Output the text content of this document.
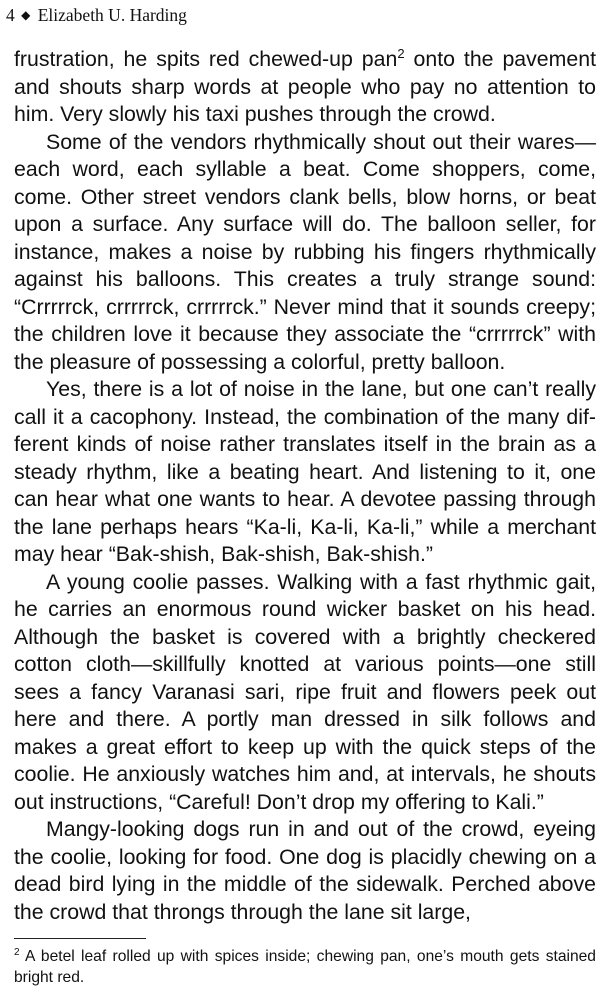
4 ◆ Elizabeth U. Harding

frustration, he spits red chewed-up pan$^2$ onto the pavement and shouts sharp words at people who pay no attention to him. Very slowly his taxi pushes through the crowd.

Some of the vendors rhythmically shout out their wares—each word, each syllable a beat. Come shoppers, come, come. Other street vendors clank bells, blow horns, or beat upon a surface. Any surface will do. The balloon seller, for instance, makes a noise by rubbing his fingers rhythmically against his balloons. This creates a truly strange sound: “Crrrrrck, crrrrrck, crrrrrck.” Never mind that it sounds creepy; the children love it because they associate the “crrrrrck” with the pleasure of possessing a colorful, pretty balloon.

Yes, there is a lot of noise in the lane, but one can’t really call it a cacophony. Instead, the combination of the many different kinds of noise rather translates itself in the brain as a steady rhythm, like a beating heart. And listening to it, one can hear what one wants to hear. A devotee passing through the lane perhaps hears “Ka-li, Ka-li, Ka-li,” while a merchant may hear “Bak-shish, Bak-shish, Bak-shish.”

A young coolie passes. Walking with a fast rhythmic gait, he carries an enormous round wicker basket on his head. Although the basket is covered with a brightly checkered cotton cloth—skillfully knotted at various points—one still sees a fancy Varanasi sari, ripe fruit and flowers peek out here and there. A portly man dressed in silk follows and makes a great effort to keep up with the quick steps of the coolie. He anxiously watches him and, at intervals, he shouts out instructions, “Careful! Don’t drop my offering to Kali.”

Mangy-looking dogs run in and out of the crowd, eyeing the coolie, looking for food. One dog is placidly chewing on a dead bird lying in the middle of the sidewalk. Perched above the crowd that throngs through the lane sit large,

$^2$ A betel leaf rolled up with spices inside; chewing pan, one’s mouth gets stained bright red.
